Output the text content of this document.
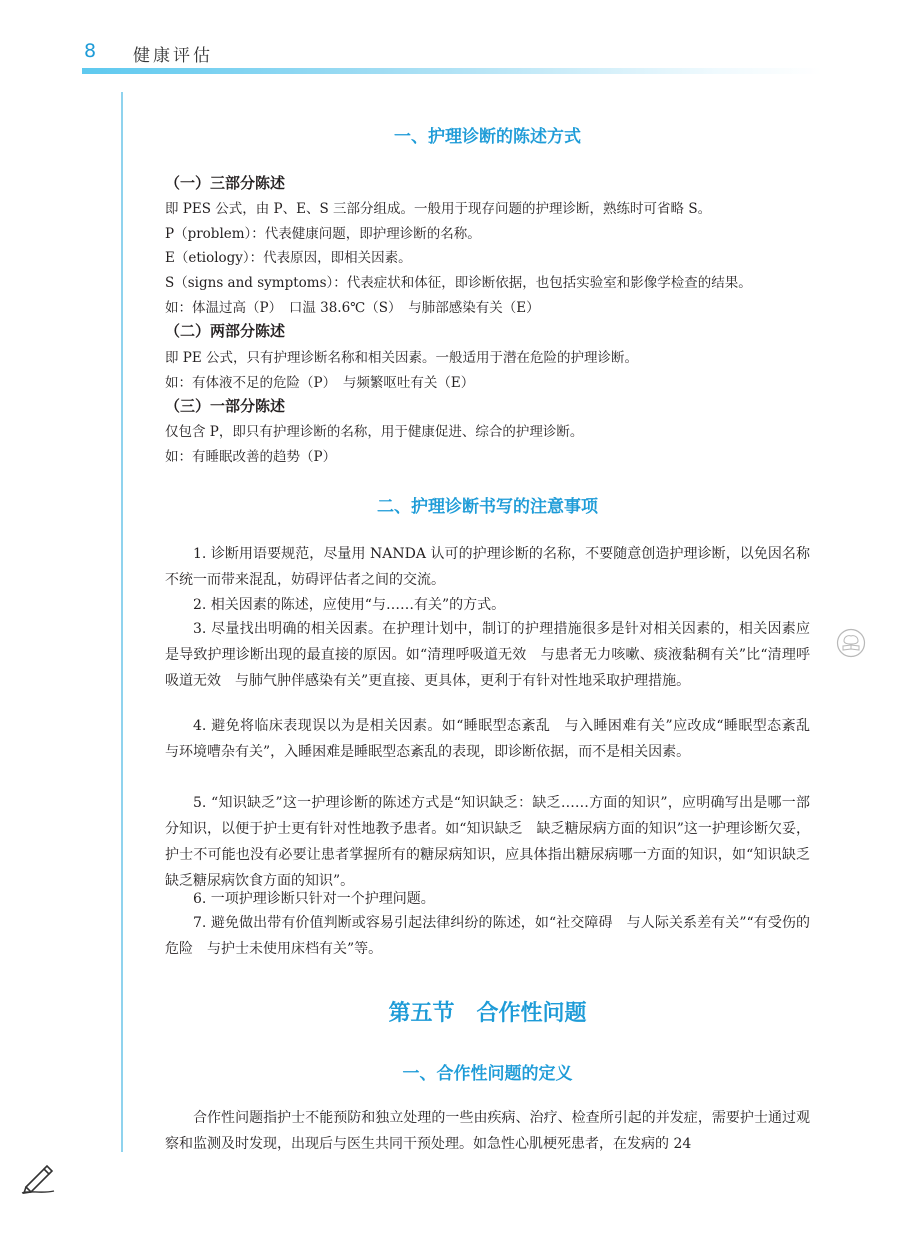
8 健康评估
一、护理诊断的陈述方式
（一）三部分陈述

即 PES 公式，由 P、E、S 三部分组成。一般用于现存问题的护理诊断，熟练时可省略 S。

P（problem）：代表健康问题，即护理诊断的名称。

E（etiology）：代表原因，即相关因素。

S（signs and symptoms）：代表症状和体征，即诊断依据，也包括实验室和影像学检查的结果。

如：体温过高（P）　口温 38.6℃（S）　与肺部感染有关（E）

（二）两部分陈述

即 PE 公式，只有护理诊断名称和相关因素。一般适用于潜在危险的护理诊断。

如：有体液不足的危险（P）　与频繁呕吐有关（E）

（三）一部分陈述

仅包含 P，即只有护理诊断的名称，用于健康促进、综合的护理诊断。

如：有睡眠改善的趋势（P）

二、护理诊断书写的注意事项

1. 诊断用语要规范，尽量用 NANDA 认可的护理诊断的名称，不要随意创造护理诊断，以免因名称不统一而带来混乱，妨碍评估者之间的交流。

2. 相关因素的陈述，应使用“与……有关”的方式。

3. 尽量找出明确的相关因素。在护理计划中，制订的护理措施很多是针对相关因素的，相关因素应是导致护理诊断出现的最直接的原因。如“清理呼吸道无效　与患者无力咳嗽、痰液黏稠有关”比“清理呼吸道无效　与肺气肿伴感染有关”更直接、更具体，更利于有针对性地采取护理措施。

4. 避免将临床表现误以为是相关因素。如“睡眠型态紊乱　与入睡困难有关”应改成“睡眠型态紊乱　与环境嘈杂有关”，入睡困难是睡眠型态紊乱的表现，即诊断依据，而不是相关因素。

5. “知识缺乏”这一护理诊断的陈述方式是“知识缺乏：缺乏……方面的知识”，应明确写出是哪一部分知识，以便于护士更有针对性地教予患者。如“知识缺乏　缺乏糖尿病方面的知识”这一护理诊断欠妥，护士不可能也没有必要让患者掌握所有的糖尿病知识，应具体指出糖尿病哪一方面的知识，如“知识缺乏　缺乏糖尿病饮食方面的知识”。

6. 一项护理诊断只针对一个护理问题。

7. 避免做出带有价值判断或容易引起法律纠纷的陈述，如“社交障碍　与人际关系差有关”“有受伤的危险　与护士未使用床档有关”等。

第五节　合作性问题
一、合作性问题的定义

合作性问题指护士不能预防和独立处理的一些由疾病、治疗、检查所引起的并发症，需要护士通过观察和监测及时发现，出现后与医生共同干预处理。如急性心肌梗死患者，在发病的 24
